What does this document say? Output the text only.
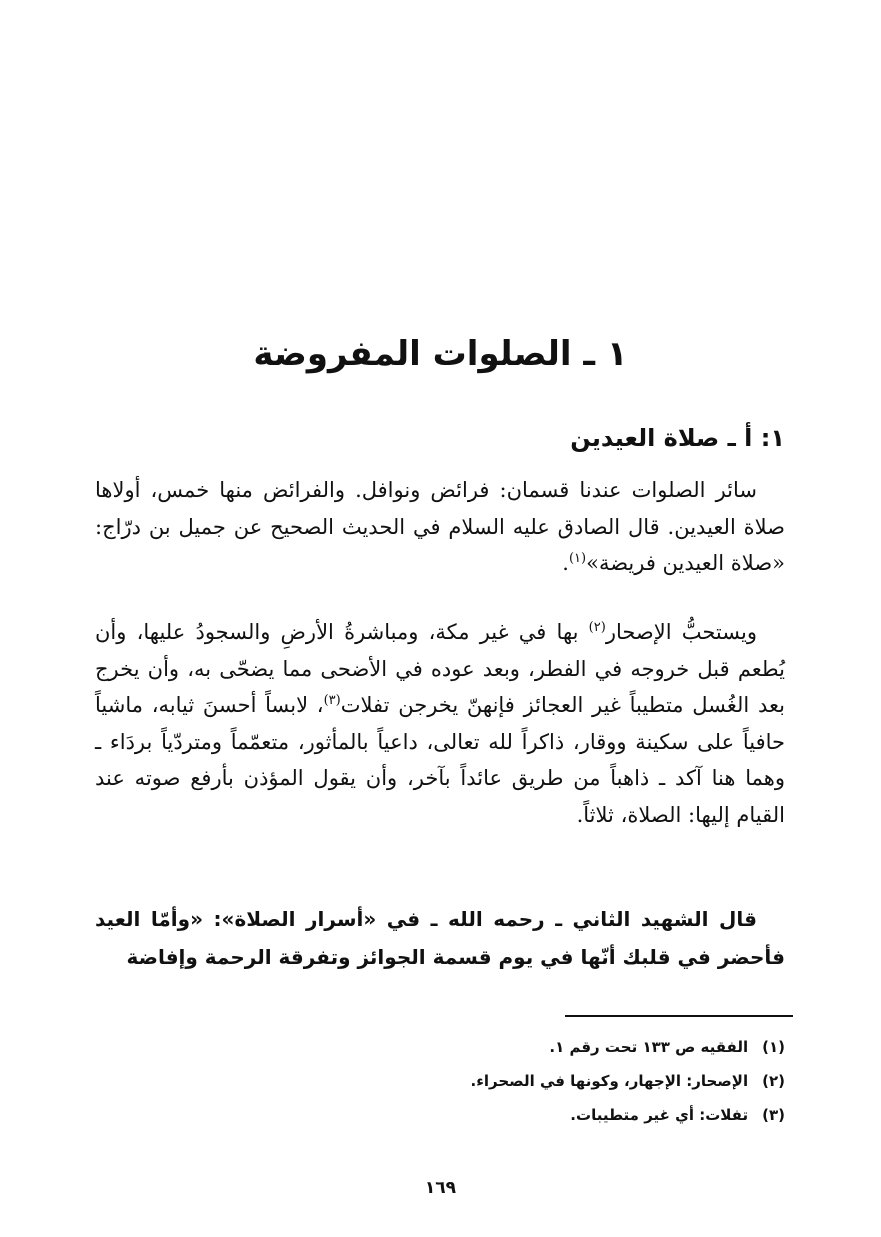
١ ـ الصلوات المفروضة
١: أ ـ صلاة العيدين
سائر الصلوات عندنا قسمان: فرائض ونوافل. والفرائض منها خمس، أولاها صلاة العيدين. قال الصادق عليه السلام في الحديث الصحيح عن جميل بن درّاج: «صلاة العيدين فريضة»$^{(١)}$.
ويستحبُّ الإصحار$^{(٢)}$ بها في غير مكة، ومباشرةُ الأرضِ والسجودُ عليها، وأن يُطعم قبل خروجه في الفطر، وبعد عوده في الأضحى مما يضحّى به، وأن يخرج بعد الغُسل متطيباً غير العجائز فإنهنّ يخرجن تفلات$^{(٣)}$، لابساً أحسنَ ثيابه، ماشياً حافياً على سكينة ووقار، ذاكراً لله تعالى، داعياً بالمأثور، متعمّماً ومتردّياً بردَاء ـ وهما هنا آكد ـ ذاهباً من طريق عائداً بآخر، وأن يقول المؤذن بأرفع صوته عند القيام إليها: الصلاة، ثلاثاً.
قال الشهيد الثاني ـ رحمه الله ـ في «أسرار الصلاة»: «وأمّا العيد فأحضر في قلبك أنّها في يوم قسمة الجوائز وتفرقة الرحمة وإفاضة
(١)الفقيه ص ١٣٣ تحت رقم ١.
(٢)الإصحار: الإجهار، وكونها في الصحراء.
(٣)تفلات: أي غير متطيبات.
١٦٩
